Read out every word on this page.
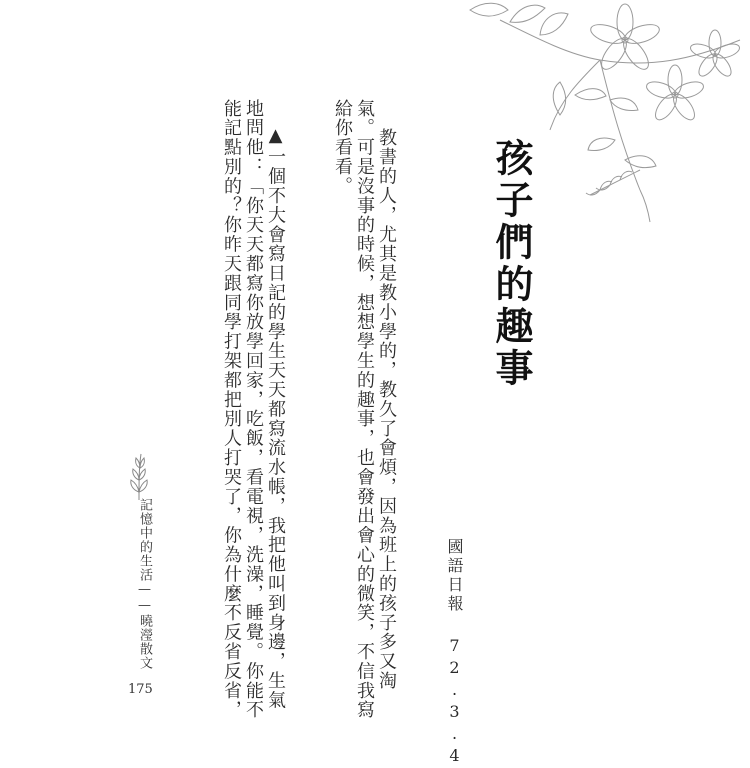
孩子們的趣事
國語日報 72.3.4
教書的人，尤其是教小學的，教久了會煩，因為班上的孩子多又淘
氣。可是沒事的時候，想想學生的趣事，也會發出會心的微笑，不信我寫
給你看看。
▲一個不大會寫日記的學生天天都寫流水帳，我把他叫到身邊，生氣
地問他：「你天天都寫你放學回家，吃飯，看電視，洗澡，睡覺。你能不
能記點別的？你昨天跟同學打架都把別人打哭了，你為什麼不反省反省，
記憶中的生活——曉瀅散文
175
